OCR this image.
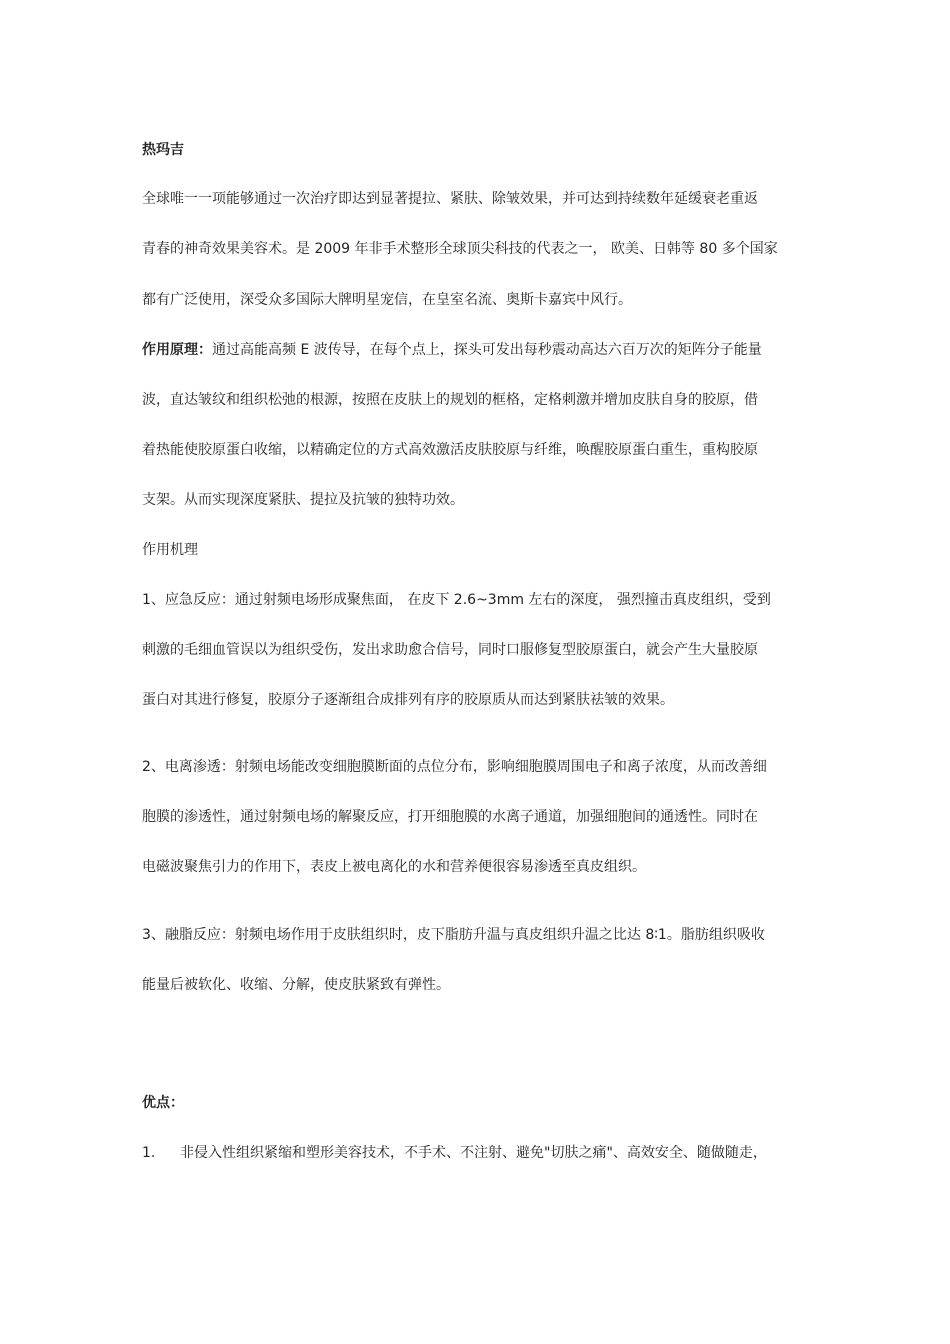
热玛吉
全球唯一一项能够通过一次治疗即达到显著提拉、紧肤、除皱效果，并可达到持续数年延缓衰老重返
青春的神奇效果美容术。是 2009 年非手术整形全球顶尖科技的代表之一， 欧美、日韩等 80 多个国家
都有广泛使用，深受众多国际大牌明星宠信，在皇室名流、奥斯卡嘉宾中风行。
作用原理：通过高能高频 E 波传导，在每个点上，探头可发出每秒震动高达六百万次的矩阵分子能量
波，直达皱纹和组织松弛的根源，按照在皮肤上的规划的框格，定格刺激并增加皮肤自身的胶原，借
着热能使胶原蛋白收缩，以精确定位的方式高效激活皮肤胶原与纤维，唤醒胶原蛋白重生，重构胶原
支架。从而实现深度紧肤、提拉及抗皱的独特功效。
作用机理
1、应急反应：通过射频电场形成聚焦面， 在皮下 2.6~3mm 左右的深度， 强烈撞击真皮组织，受到
刺激的毛细血管误以为组织受伤，发出求助愈合信号，同时口服修复型胶原蛋白，就会产生大量胶原
蛋白对其进行修复，胶原分子逐渐组合成排列有序的胶原质从而达到紧肤祛皱的效果。
2、电离渗透：射频电场能改变细胞膜断面的点位分布，影响细胞膜周围电子和离子浓度，从而改善细
胞膜的渗透性，通过射频电场的解聚反应，打开细胞膜的水离子通道，加强细胞间的通透性。同时在
电磁波聚焦引力的作用下，表皮上被电离化的水和营养便很容易渗透至真皮组织。
3、融脂反应：射频电场作用于皮肤组织时，皮下脂肪升温与真皮组织升温之比达 8∶1。脂肪组织吸收
能量后被软化、收缩、分解，使皮肤紧致有弹性。
优点：
1. 非侵入性组织紧缩和塑形美容技术，不手术、不注射、避免"切肤之痛"、高效安全、随做随走，
